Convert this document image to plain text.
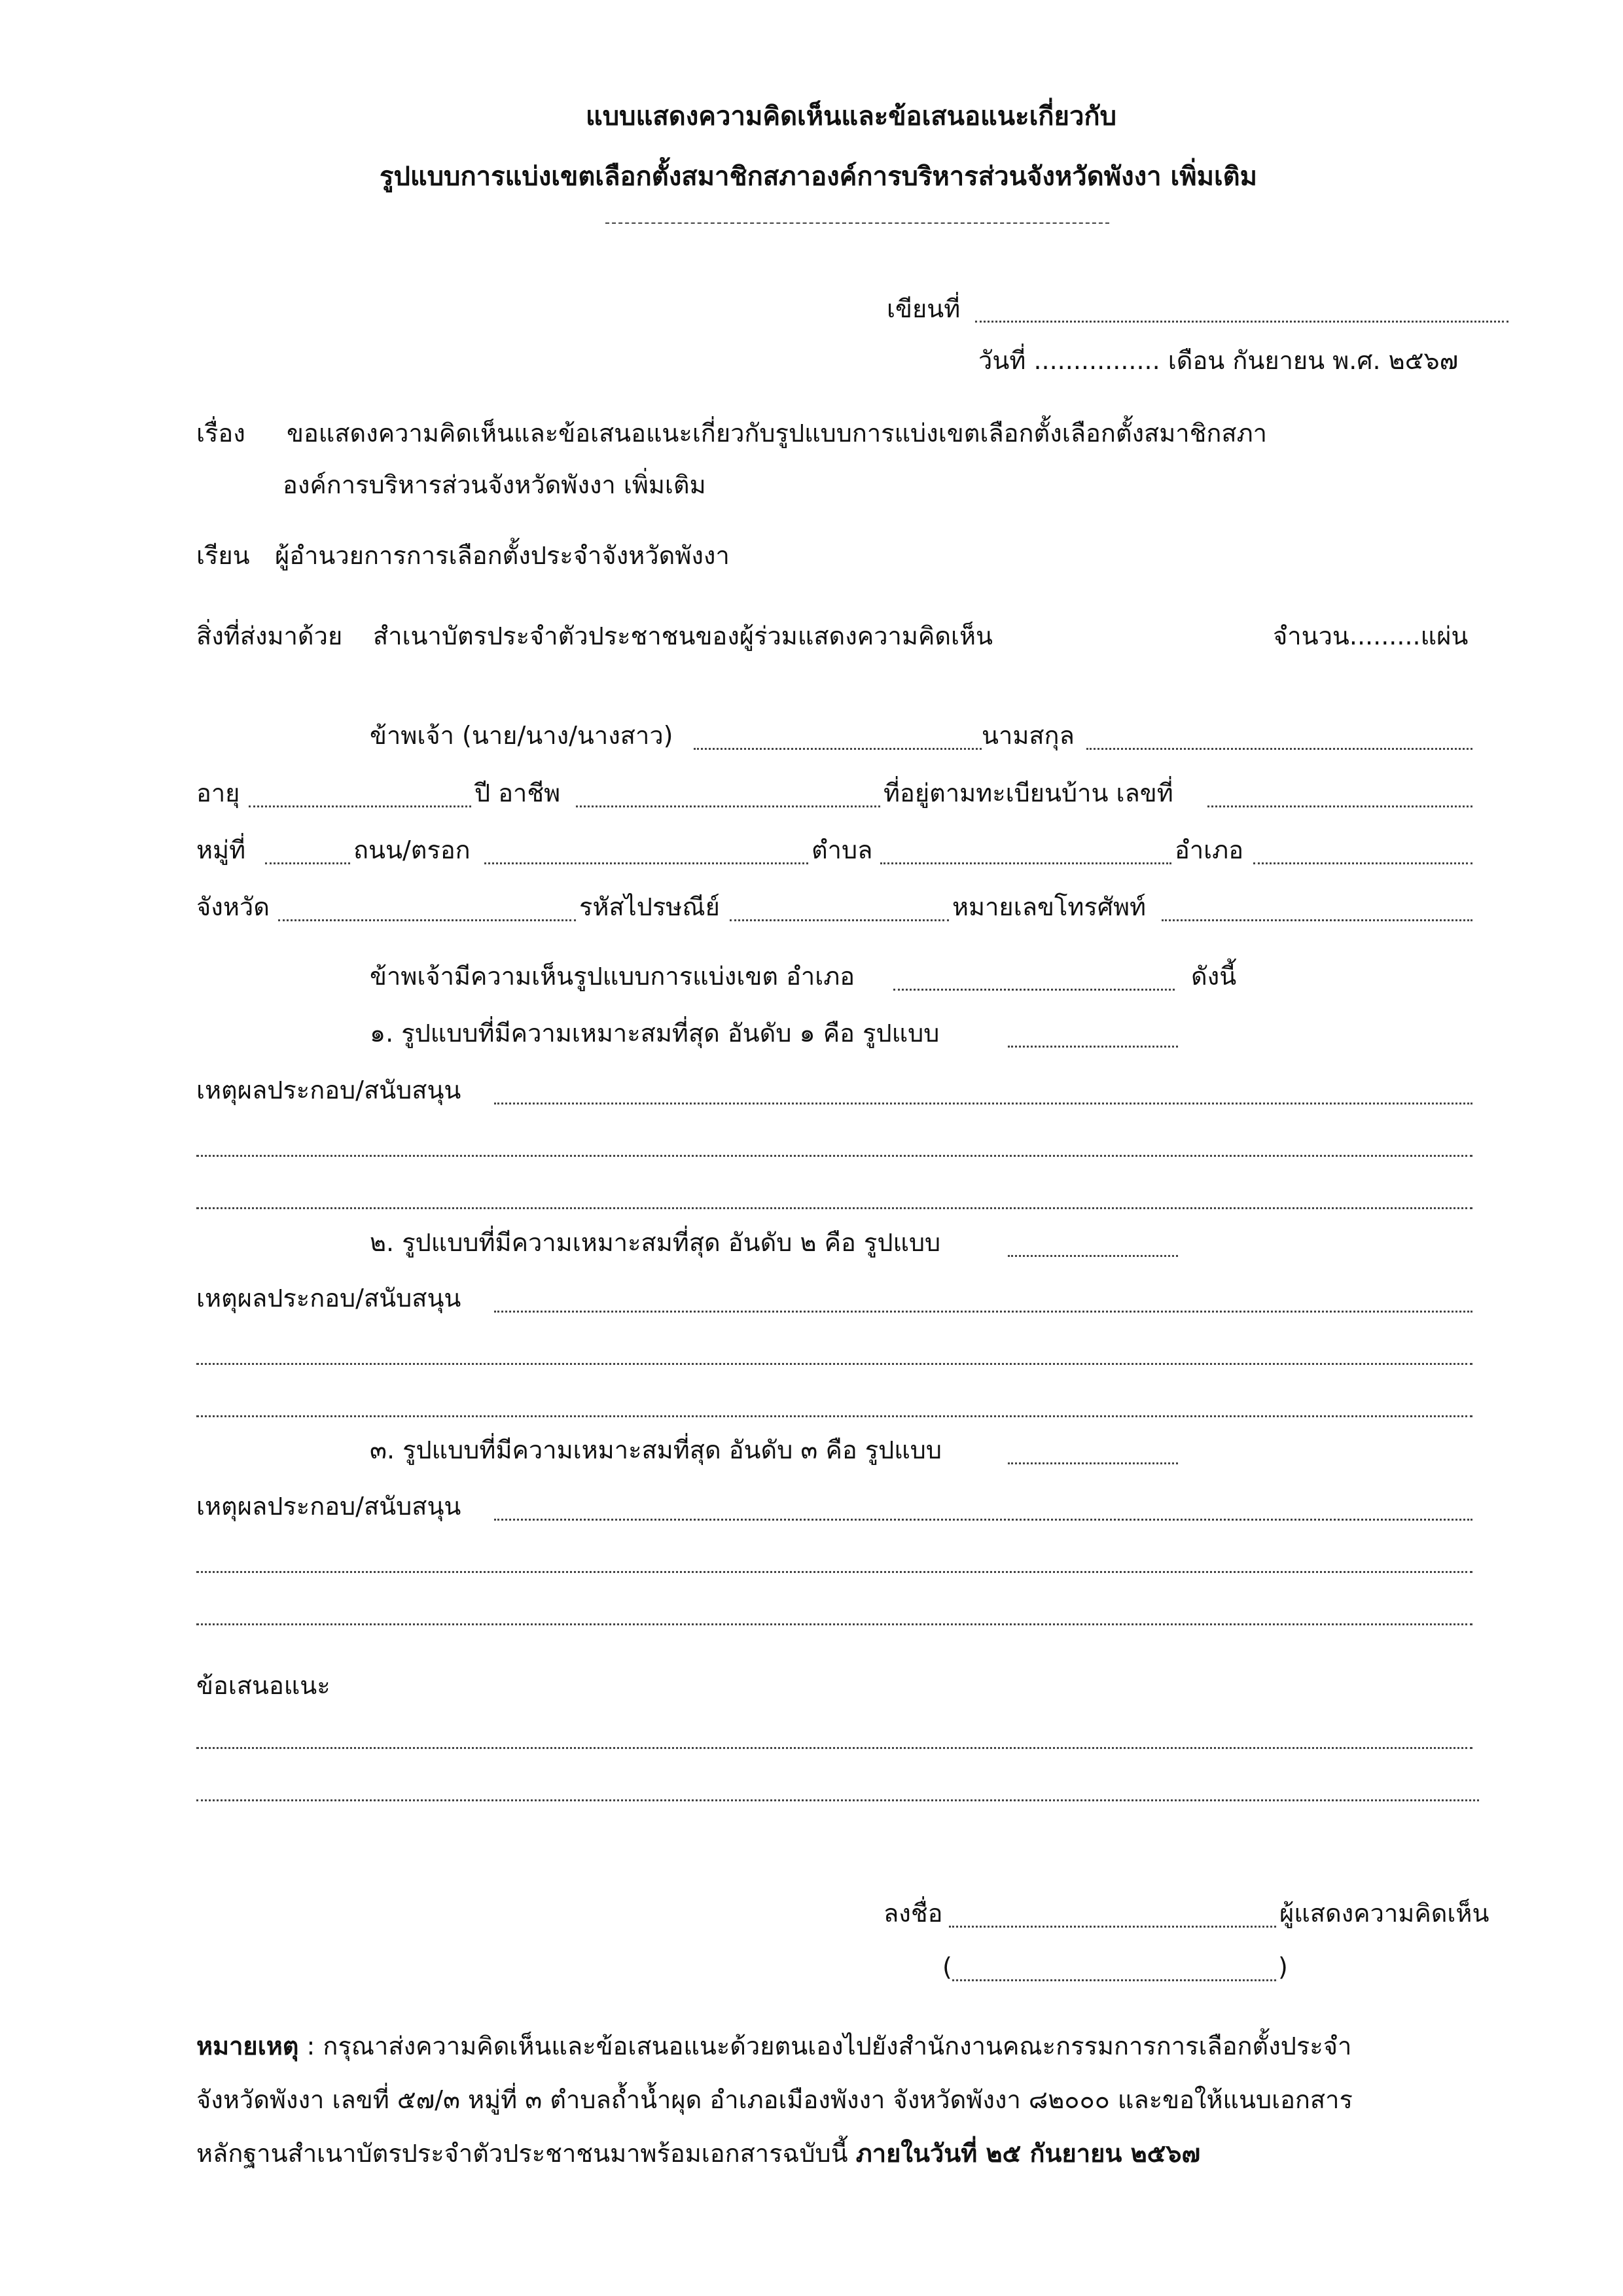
แบบแสดงความคิดเห็นและข้อเสนอแนะเกี่ยวกับ
รูปแบบการแบ่งเขตเลือกตั้งสมาชิกสภาองค์การบริหารส่วนจังหวัดพังงา เพิ่มเติม
เขียนที่
วันที่ ................ เดือน กันยายน พ.ศ. ๒๕๖๗
เรื่อง ขอแสดงความคิดเห็นและข้อเสนอแนะเกี่ยวกับรูปแบบการแบ่งเขตเลือกตั้งเลือกตั้งสมาชิกสภา
องค์การบริหารส่วนจังหวัดพังงา เพิ่มเติม
เรียน ผู้อำนวยการการเลือกตั้งประจำจังหวัดพังงา
สิ่งที่ส่งมาด้วย สำเนาบัตรประจำตัวประชาชนของผู้ร่วมแสดงความคิดเห็น	จำนวน.........แผ่น
ข้าพเจ้า (นาย/นาง/นางสาว)	นามสกุล
อายุ	ปี อาชีพ	ที่อยู่ตามทะเบียนบ้าน เลขที่
หมู่ที่	ถนน/ตรอก	ตำบล	อำเภอ
จังหวัด	รหัสไปรษณีย์	หมายเลขโทรศัพท์
ข้าพเจ้ามีความเห็นรูปแบบการแบ่งเขต อำเภอ	ดังนี้
๑. รูปแบบที่มีความเหมาะสมที่สุด อันดับ ๑ คือ รูปแบบ
เหตุผลประกอบ/สนับสนุน
๒. รูปแบบที่มีความเหมาะสมที่สุด อันดับ ๒ คือ รูปแบบ
เหตุผลประกอบ/สนับสนุน
๓. รูปแบบที่มีความเหมาะสมที่สุด อันดับ ๓ คือ รูปแบบ
เหตุผลประกอบ/สนับสนุน
ข้อเสนอแนะ
ลงชื่อ	ผู้แสดงความคิดเห็น
(	)
หมายเหตุ : กรุณาส่งความคิดเห็นและข้อเสนอแนะด้วยตนเองไปยังสำนักงานคณะกรรมการการเลือกตั้งประจำ
จังหวัดพังงา เลขที่ ๕๗/๓ หมู่ที่ ๓ ตำบลถ้ำน้ำผุด อำเภอเมืองพังงา จังหวัดพังงา ๘๒๐๐๐ และขอให้แนบเอกสาร
หลักฐานสำเนาบัตรประจำตัวประชาชนมาพร้อมเอกสารฉบับนี้ ภายในวันที่ ๒๕ กันยายน ๒๕๖๗
